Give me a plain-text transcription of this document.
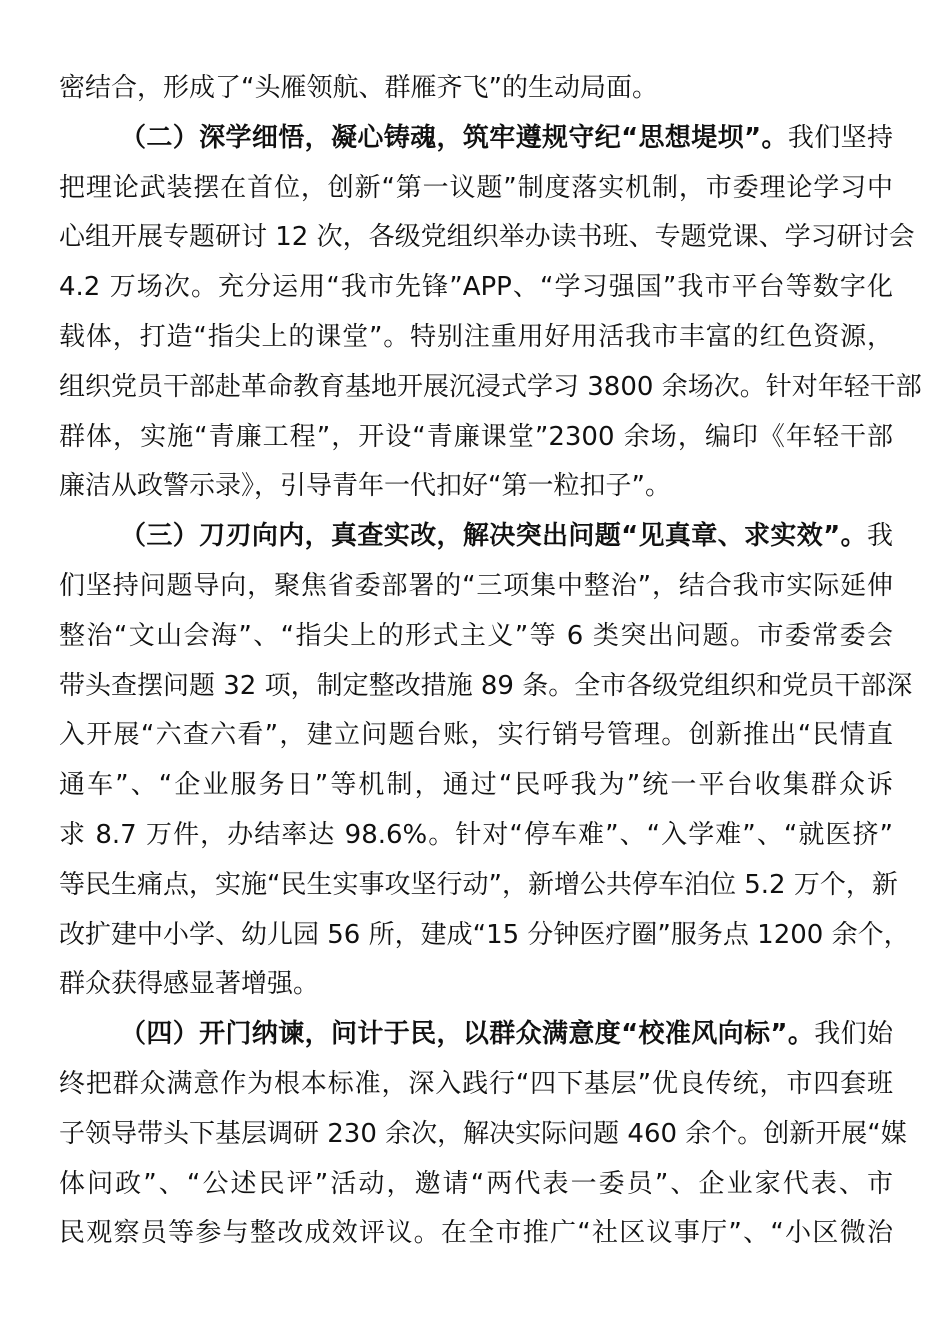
密结合，形成了“头雁领航、群雁齐飞”的生动局面。
（二）深学细悟，凝心铸魂，筑牢遵规守纪“思想堤坝”。我们坚持
把理论武装摆在首位，创新“第一议题”制度落实机制，市委理论学习中
心组开展专题研讨 12 次，各级党组织举办读书班、专题党课、学习研讨会
4.2 万场次。充分运用“我市先锋”APP、“学习强国”我市平台等数字化
载体，打造“指尖上的课堂”。特别注重用好用活我市丰富的红色资源，
组织党员干部赴革命教育基地开展沉浸式学习 3800 余场次。针对年轻干部
群体，实施“青廉工程”，开设“青廉课堂”2300 余场，编印《年轻干部
廉洁从政警示录》，引导青年一代扣好“第一粒扣子”。
（三）刀刃向内，真查实改，解决突出问题“见真章、求实效”。我
们坚持问题导向，聚焦省委部署的“三项集中整治”，结合我市实际延伸
整治“文山会海”、“指尖上的形式主义”等 6 类突出问题。市委常委会
带头查摆问题 32 项，制定整改措施 89 条。全市各级党组织和党员干部深
入开展“六查六看”，建立问题台账，实行销号管理。创新推出“民情直
通车”、“企业服务日”等机制，通过“民呼我为”统一平台收集群众诉
求 8.7 万件，办结率达 98.6%。针对“停车难”、“入学难”、“就医挤”
等民生痛点，实施“民生实事攻坚行动”，新增公共停车泊位 5.2 万个，新
改扩建中小学、幼儿园 56 所，建成“15 分钟医疗圈”服务点 1200 余个，
群众获得感显著增强。
（四）开门纳谏，问计于民，以群众满意度“校准风向标”。我们始
终把群众满意作为根本标准，深入践行“四下基层”优良传统，市四套班
子领导带头下基层调研 230 余次，解决实际问题 460 余个。创新开展“媒
体问政”、“公述民评”活动，邀请“两代表一委员”、企业家代表、市
民观察员等参与整改成效评议。在全市推广“社区议事厅”、“小区微治
